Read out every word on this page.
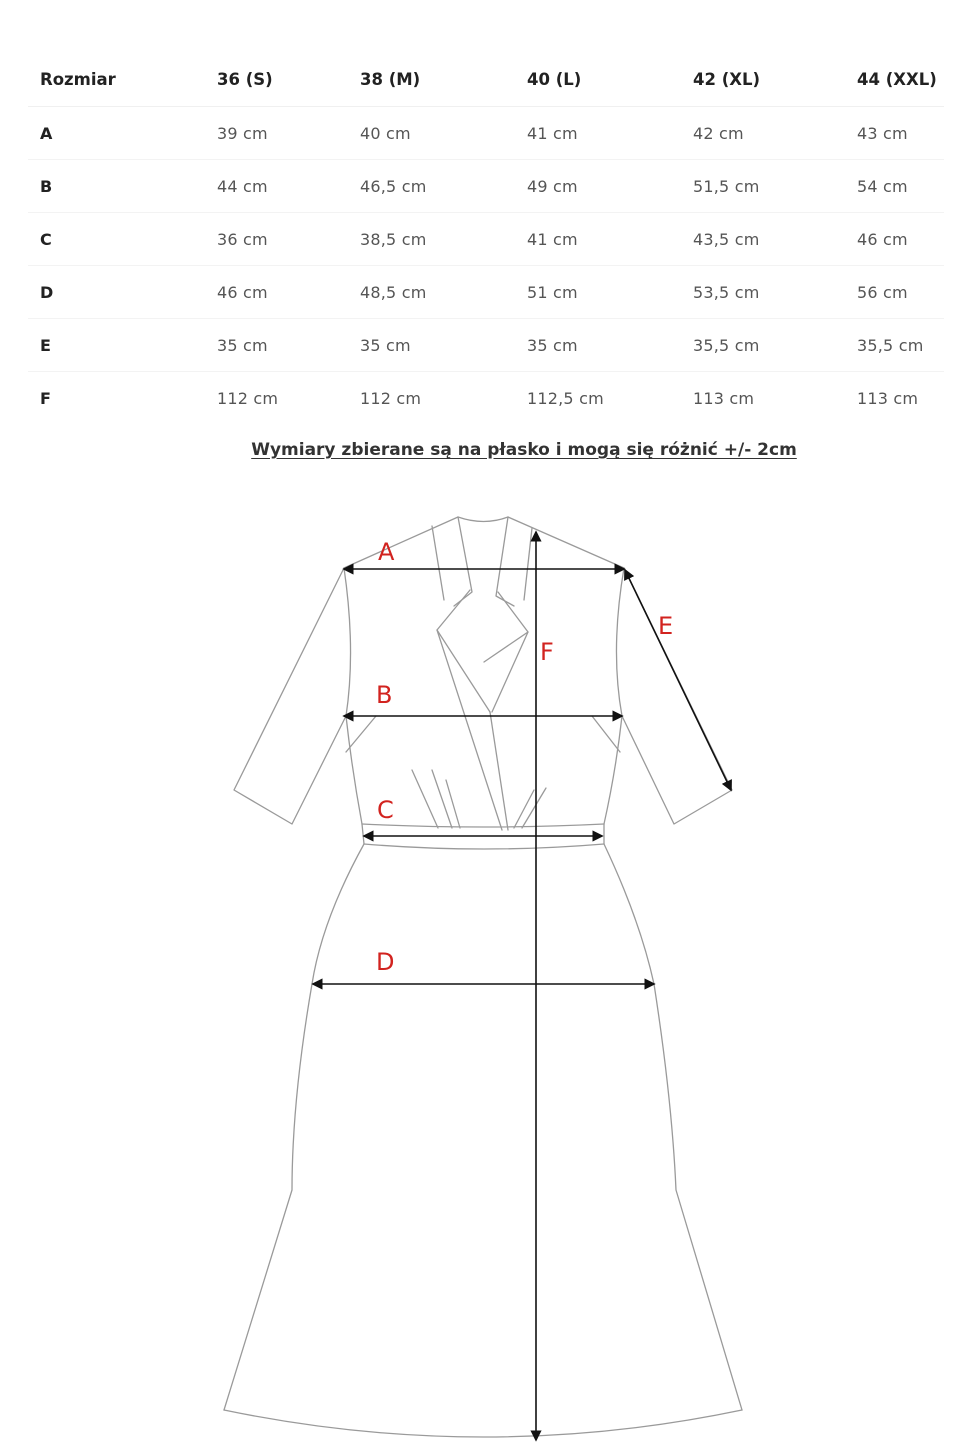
Rozmiar	36 (S)	38 (M)	40 (L)	42 (XL)	44 (XXL)
A	39 cm	40 cm	41 cm	42 cm	43 cm
B	44 cm	46,5 cm	49 cm	51,5 cm	54 cm
C	36 cm	38,5 cm	41 cm	43,5 cm	46 cm
D	46 cm	48,5 cm	51 cm	53,5 cm	56 cm
E	35 cm	35 cm	35 cm	35,5 cm	35,5 cm
F	112 cm	112 cm	112,5 cm	113 cm	113 cm
Wymiary zbierane są na płasko i mogą się różnić +/- 2cm
A
B
C
D
E
F
